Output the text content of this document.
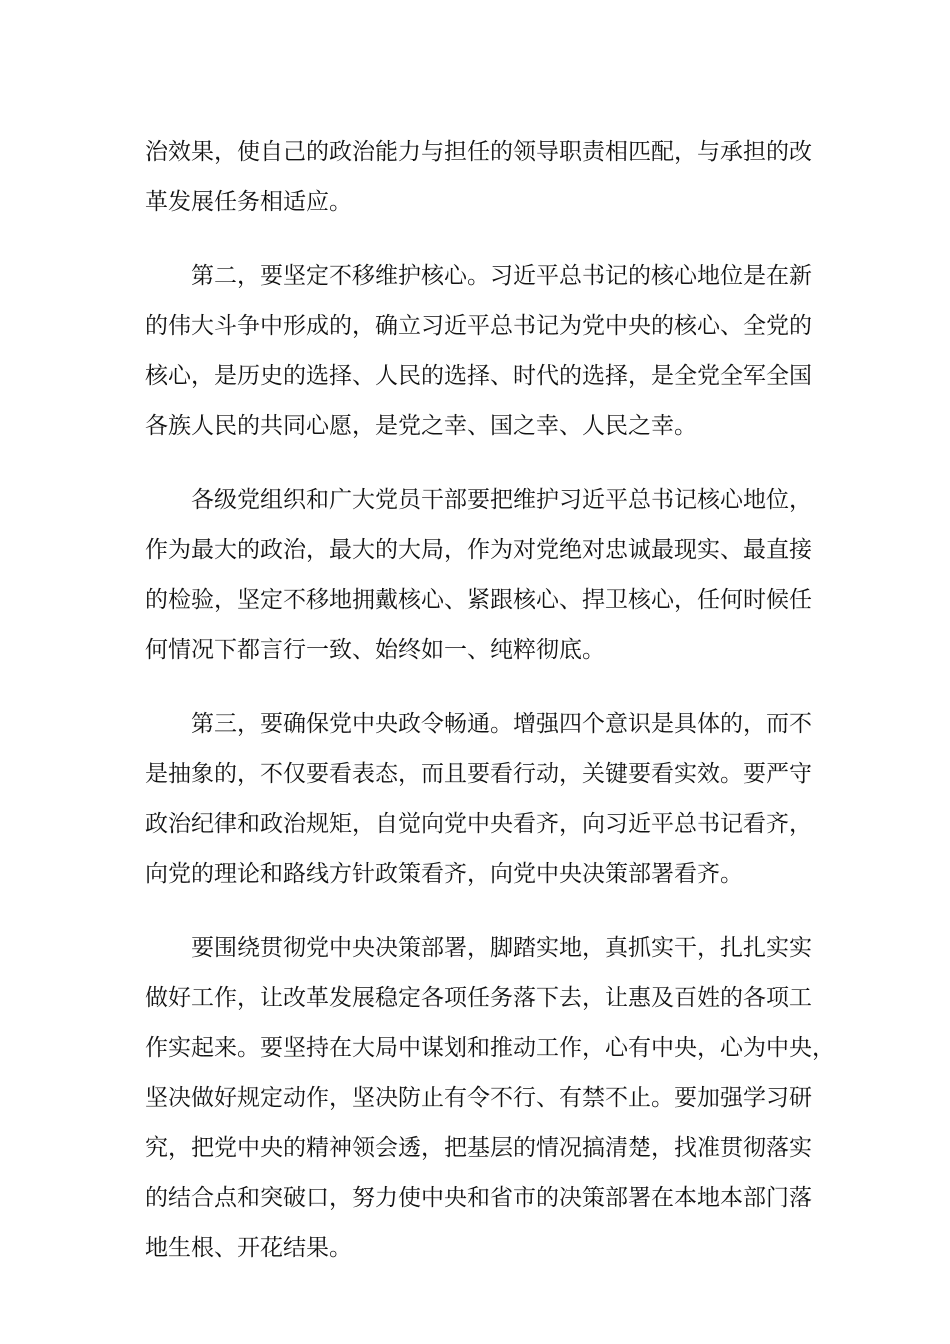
治效果，使自己的政治能力与担任的领导职责相匹配，与承担的改
革发展任务相适应。

　　第二，要坚定不移维护核心。习近平总书记的核心地位是在新
的伟大斗争中形成的，确立习近平总书记为党中央的核心、全党的
核心，是历史的选择、人民的选择、时代的选择，是全党全军全国
各族人民的共同心愿，是党之幸、国之幸、人民之幸。

　　各级党组织和广大党员干部要把维护习近平总书记核心地位，
作为最大的政治，最大的大局，作为对党绝对忠诚最现实、最直接
的检验，坚定不移地拥戴核心、紧跟核心、捍卫核心，任何时候任
何情况下都言行一致、始终如一、纯粹彻底。

　　第三，要确保党中央政令畅通。增强四个意识是具体的，而不
是抽象的，不仅要看表态，而且要看行动，关键要看实效。要严守
政治纪律和政治规矩，自觉向党中央看齐，向习近平总书记看齐，
向党的理论和路线方针政策看齐，向党中央决策部署看齐。

　　要围绕贯彻党中央决策部署，脚踏实地，真抓实干，扎扎实实
做好工作，让改革发展稳定各项任务落下去，让惠及百姓的各项工
作实起来。要坚持在大局中谋划和推动工作，心有中央，心为中央，
坚决做好规定动作，坚决防止有令不行、有禁不止。要加强学习研
究，把党中央的精神领会透，把基层的情况搞清楚，找准贯彻落实
的结合点和突破口，努力使中央和省市的决策部署在本地本部门落
地生根、开花结果。
